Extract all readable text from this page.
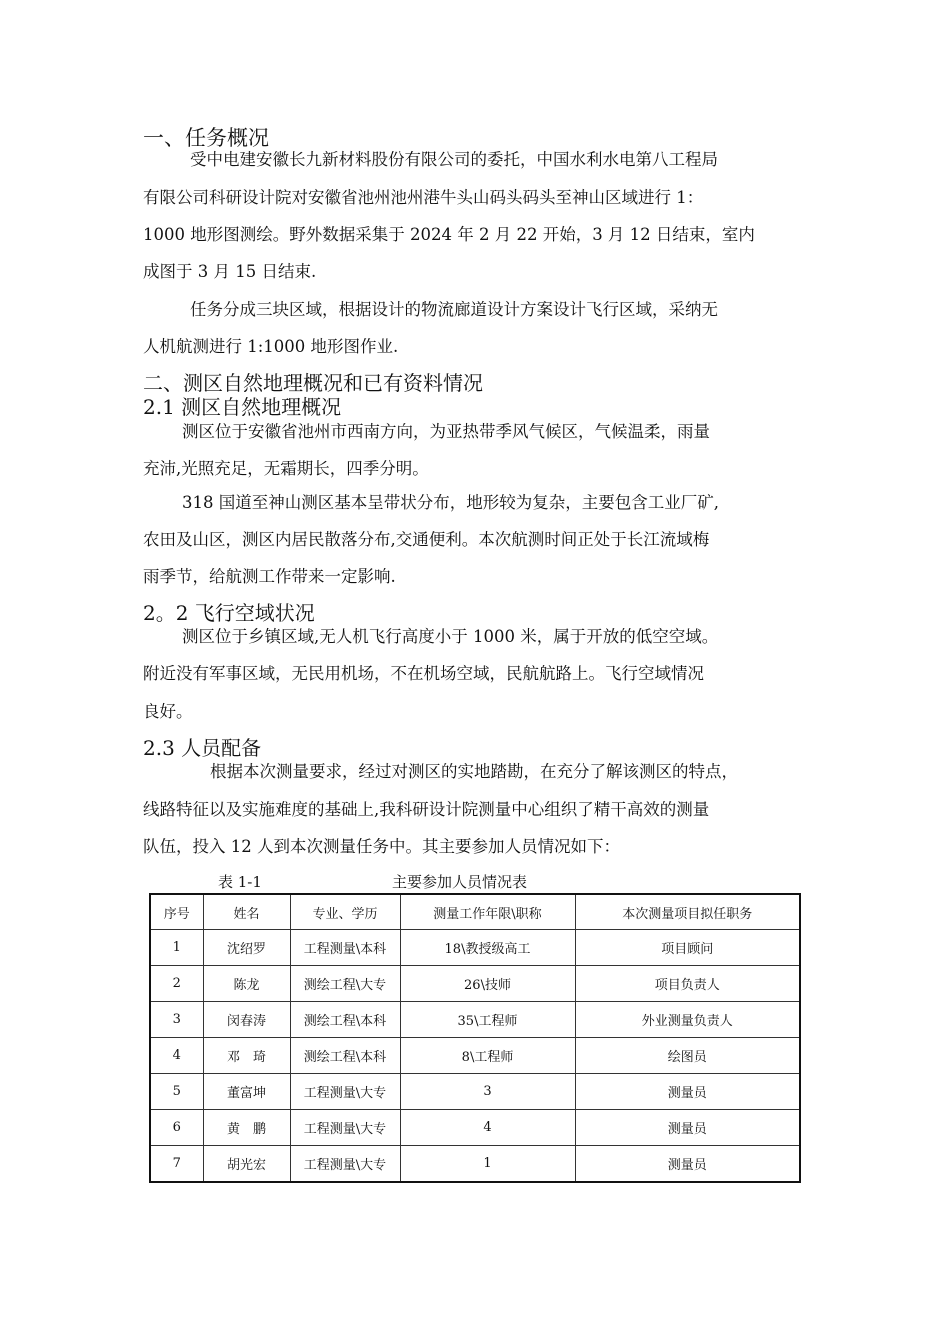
一、任务概况
受中电建安徽长九新材料股份有限公司的委托，中国水利水电第八工程局
有限公司科研设计院对安徽省池州池州港牛头山码头码头至神山区域进行 1：
1000 地形图测绘。野外数据采集于 2024 年 2 月 22 开始，3 月 12 日结束，室内
成图于 3 月 15 日结束.
任务分成三块区域，根据设计的物流廊道设计方案设计飞行区域，采纳无
人机航测进行 1:1000 地形图作业.
二、测区自然地理概况和已有资料情况
2.1 测区自然地理概况
测区位于安徽省池州市西南方向，为亚热带季风气候区，气候温柔，雨量
充沛,光照充足，无霜期长，四季分明。
318 国道至神山测区基本呈带状分布，地形较为复杂，主要包含工业厂矿,
农田及山区，测区内居民散落分布,交通便利。本次航测时间正处于长江流域梅
雨季节，给航测工作带来一定影响.
2。2 飞行空域状况
测区位于乡镇区域,无人机飞行高度小于 1000 米，属于开放的低空空域。
附近没有军事区域，无民用机场，不在机场空域，民航航路上。飞行空域情况
良好。
2.3 人员配备
根据本次测量要求，经过对测区的实地踏勘，在充分了解该测区的特点，
线路特征以及实施难度的基础上,我科研设计院测量中心组织了精干高效的测量
队伍，投入 12 人到本次测量任务中。其主要参加人员情况如下：
表 1-1	主要参加人员情况表
序号	姓名	专业、学历	测量工作年限\职称	本次测量项目拟任职务
1	沈绍罗	工程测量\本科	18\教授级高工	项目顾问
2	陈龙	测绘工程\大专	26\技师	项目负责人
3	闵春涛	测绘工程\本科	35\工程师	外业测量负责人
4	邓　琦	测绘工程\本科	8\工程师	绘图员
5	董富坤	工程测量\大专	3	测量员
6	黄　鹏	工程测量\大专	4	测量员
7	胡光宏	工程测量\大专	1	测量员
